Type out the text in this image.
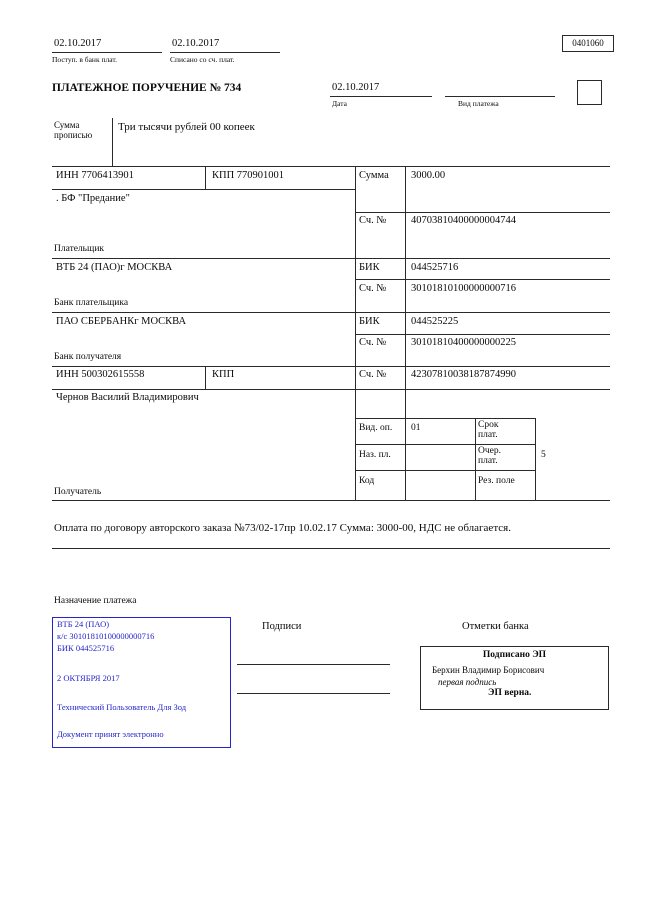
02.10.2017
Поступ. в банк плат.
02.10.2017
Списано со сч. плат.
0401060
ПЛАТЕЖНОЕ ПОРУЧЕНИЕ № 734	02.10.2017
Дата	Вид платежа
Сумма прописью
Три тысячи рублей 00 копеек
ИНН 7706413901	КПП 770901001	Сумма 3000.00
. БФ "Предание"
Сч. № 40703810400000004744
Плательщик
ВТБ 24 (ПАО)г МОСКВА	БИК	044525716
Сч. № 30101810100000000716
Банк плательщика
ПАО СБЕРБАНКг МОСКВА	БИК	044525225
Сч. № 30101810400000000225
Банк получателя
ИНН 500302615558	КПП	Сч. № 42307810038187874990
Чернов Василий Владимирович
Вид. оп. 01	Срок плат.
Наз. пл.	Очер. плат.
5
Код	Рез. поле
Получатель
Оплата по договору авторского заказа №73/02-17пр 10.02.17 Сумма: 3000-00, НДС не облагается.
Назначение платежа
ВТБ 24 (ПАО)
к/с 30101810100000000716
БИК 044525716
2 ОКТЯБРЯ 2017
Технический Пользователь Для Зод
Документ принят электронно
Подписи	Отметки банка
Подписано ЭП
Берхин Владимир Борисович
первая подпись
ЭП верна.
